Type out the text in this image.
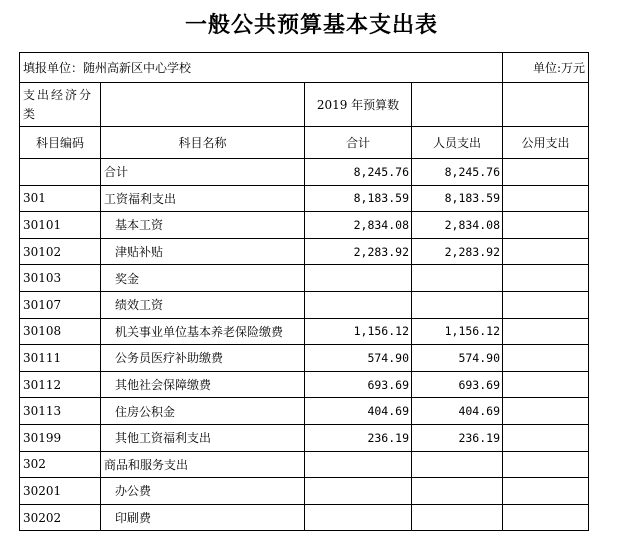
一般公共预算基本支出表
填报单位：随州高新区中心学校				单位:万元
支出经济分类		2019 年预算数		
科目编码	科目名称	合计	人员支出	公用支出
	合计	8,245.76	8,245.76	
301	工资福利支出	8,183.59	8,183.59	
30101	基本工资	2,834.08	2,834.08	
30102	津贴补贴	2,283.92	2,283.92	
30103	奖金			
30107	绩效工资			
30108	机关事业单位基本养老保险缴费	1,156.12	1,156.12	
30111	公务员医疗补助缴费	574.90	574.90	
30112	其他社会保障缴费	693.69	693.69	
30113	住房公积金	404.69	404.69	
30199	其他工资福利支出	236.19	236.19	
302	商品和服务支出			
30201	办公费			
30202	印刷费			
